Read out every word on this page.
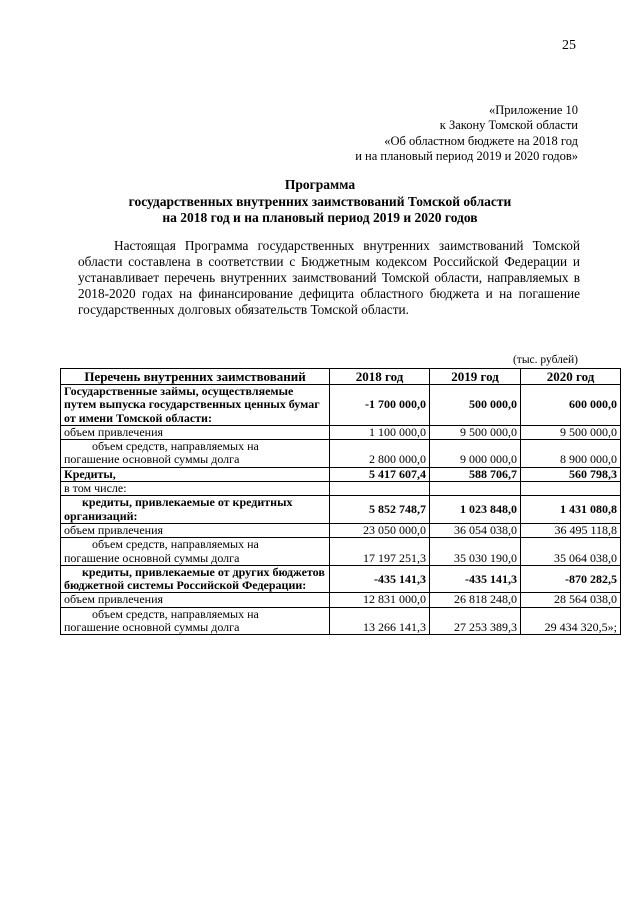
25
«Приложение 10
к Закону Томской области
«Об областном бюджете на 2018 год
и на плановый период 2019 и 2020 годов»
Программа
государственных внутренних заимствований Томской области
на 2018 год и на плановый период 2019 и 2020 годов
Настоящая Программа государственных внутренних заимствований Томской области составлена в соответствии с Бюджетным кодексом Российской Федерации и устанавливает перечень внутренних заимствований Томской области, направляемых в 2018-2020 годах на финансирование дефицита областного бюджета и на погашение государственных долговых обязательств Томской области.
(тыс. рублей)
Перечень внутренних заимствований	2018 год	2019 год	2020 год
Государственные займы, осуществляемые путем выпуска государственных ценных бумаг от имени Томской области:	-1 700 000,0	500 000,0	600 000,0
объем привлечения	1 100 000,0	9 500 000,0	9 500 000,0

объем средств, направляемых на
погашение основной суммы долга	2 800 000,0	9 000 000,0	8 900 000,0
Кредиты,	5 417 607,4	588 706,7	560 798,3
в том числе:			
кредиты, привлекаемые от кредитных организаций:	5 852 748,7	1 023 848,0	1 431 080,8
объем привлечения	23 050 000,0	36 054 038,0	36 495 118,8

объем средств, направляемых на
погашение основной суммы долга	17 197 251,3	35 030 190,0	35 064 038,0
кредиты, привлекаемые от других бюджетов бюджетной системы Российской Федерации:	-435 141,3	-435 141,3	-870 282,5
объем привлечения	12 831 000,0	26 818 248,0	28 564 038,0

объем средств, направляемых на
погашение основной суммы долга	13 266 141,3	27 253 389,3	29 434 320,5»;
